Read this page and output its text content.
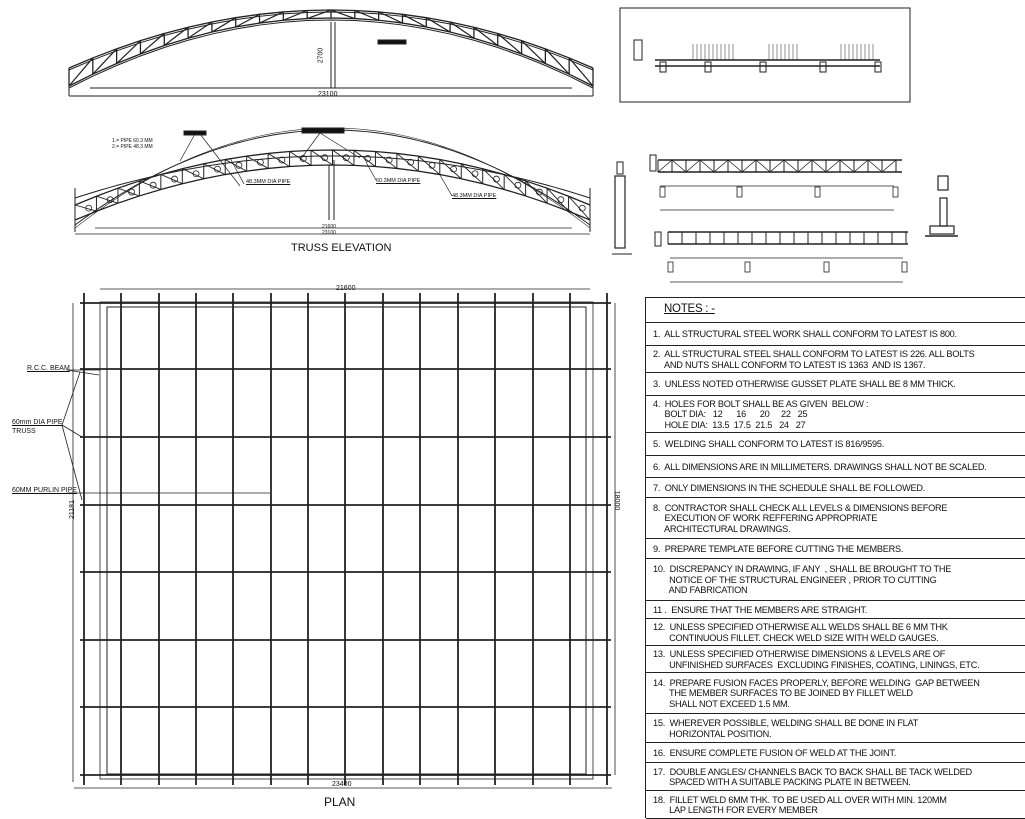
23100
2700
1.= PIPE 60.3 MM
2.= PIPE 48.3 MM
48.3MM DIA PIPE	60.3MM DIA PIPE
48.3MM DIA PIPE
21600
23100
TRUSS ELEVATION
21600
23400
18000
21181
R.C.C. BEAM
60mm DIA PIPE
TRUSS
60MM PURLIN PIPE
PLAN
NOTES : -
1.  ALL STRUCTURAL STEEL WORK SHALL CONFORM TO LATEST IS 800.
2.  ALL STRUCTURAL STEEL SHALL CONFORM TO LATEST IS 226. ALL BOLTS
AND NUTS SHALL CONFORM TO LATEST IS 1363  AND IS 1367.
3.  UNLESS NOTED OTHERWISE GUSSET PLATE SHALL BE 8 MM THICK.
4.  HOLES FOR BOLT SHALL BE AS GIVEN  BELOW :
BOLT DIA:   12      16      20     22   25
HOLE DIA:  13.5  17.5  21.5   24   27
5.  WELDING SHALL CONFORM TO LATEST IS 816/9595.
6.  ALL DIMENSIONS ARE IN MILLIMETERS. DRAWINGS SHALL NOT BE SCALED.
7.  ONLY DIMENSIONS IN THE SCHEDULE SHALL BE FOLLOWED.
8.  CONTRACTOR SHALL CHECK ALL LEVELS & DIMENSIONS BEFORE
EXECUTION OF WORK REFFERING APPROPRIATE
ARCHITECTURAL DRAWINGS.
9.  PREPARE TEMPLATE BEFORE CUTTING THE MEMBERS.
10.  DISCREPANCY IN DRAWING, IF ANY  , SHALL BE BROUGHT TO THE
NOTICE OF THE STRUCTURAL ENGINEER , PRIOR TO CUTTING
AND FABRICATION
11 .  ENSURE THAT THE MEMBERS ARE STRAIGHT.
12.  UNLESS SPECIFIED OTHERWISE ALL WELDS SHALL BE 6 MM THK
CONTINUOUS FILLET. CHECK WELD SIZE WITH WELD GAUGES.
13.  UNLESS SPECIFIED OTHERWISE DIMENSIONS & LEVELS ARE OF
UNFINISHED SURFACES  EXCLUDING FINISHES, COATING, LININGS, ETC.
14.  PREPARE FUSION FACES PROPERLY, BEFORE WELDING  GAP BETWEEN
THE MEMBER SURFACES TO BE JOINED BY FILLET WELD
SHALL NOT EXCEED 1.5 MM.
15.  WHEREVER POSSIBLE, WELDING SHALL BE DONE IN FLAT
HORIZONTAL POSITION.
16.  ENSURE COMPLETE FUSION OF WELD AT THE JOINT.
17.  DOUBLE ANGLES/ CHANNELS BACK TO BACK SHALL BE TACK WELDED
SPACED WITH A SUITABLE PACKING PLATE IN BETWEEN.
18.  FILLET WELD 6MM THK. TO BE USED ALL OVER WITH MIN. 120MM
LAP LENGTH FOR EVERY MEMBER
